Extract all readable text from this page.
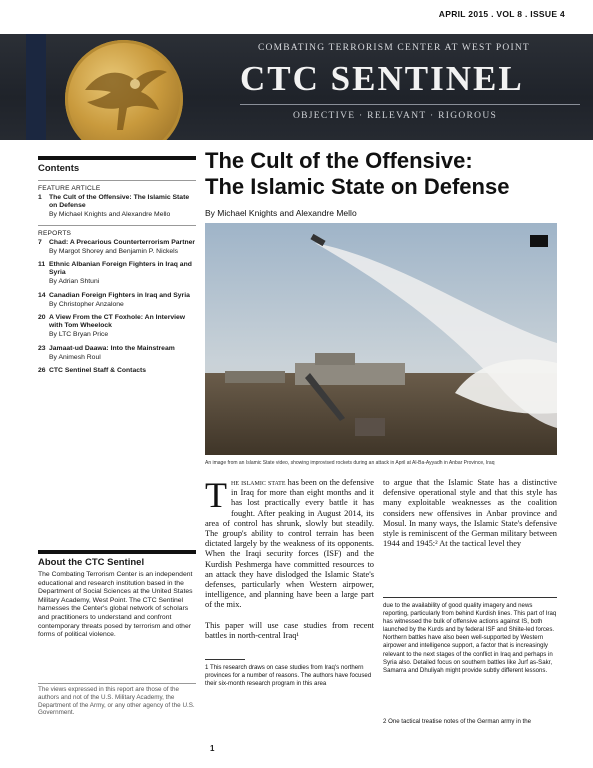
APRIL 2015 . VOL 8 . ISSUE 4
COMBATING TERRORISM CENTER AT WEST POINT
CTC SENTINEL
OBJECTIVE · RELEVANT · RIGOROUS
Contents
FEATURE ARTICLE
1	The Cult of the Offensive: The Islamic State on Defense
By Michael Knights and Alexandre Mello
REPORTS
7	Chad: A Precarious Counterterrorism Partner
By Margot Shorey and Benjamin P. Nickels
11 Ethnic Albanian Foreign Fighters in Iraq and Syria
By Adrian Shtuni
14 Canadian Foreign Fighters in Iraq and Syria
By Christopher Anzalone
20 A View From the CT Foxhole: An Interview with Tom Wheelock
By LTC Bryan Price
23 Jamaat-ud Daawa: Into the Mainstream
By Animesh Roul
26 CTC Sentinel Staff & Contacts
About the CTC Sentinel

The Combating Terrorism Center is an independent educational and research institution based in the Department of Social Sciences at the United States Military Academy, West Point. The CTC Sentinel harnesses the Center's global network of scholars and practitioners to understand and confront contemporary threats posed by terrorism and other forms of political violence.

The views expressed in this report are those of the authors and not of the U.S. Military Academy, the Department of the Army, or any other agency of the U.S. Government.
The Cult of the Offensive:
The Islamic State on Defense
By Michael Knights and Alexandre Mello
An image from an Islamic State video, showing improvised rockets during an attack in April at Al-Ba-Ayyadh in Anbar Province, Iraq
The islamic state has been on the defensive in Iraq for more than eight months and it has lost practically every battle it has fought. After peaking in August 2014, its area of control has shrunk, slowly but steadily. The group's ability to control terrain has been dictated largely by the weakness of its opponents. When the Iraqi security forces (ISF) and the Kurdish Peshmerga have committed resources to an attack they have dislodged the Islamic State's defenses, particularly when Western airpower, intelligence, and planning have been a large part of the mix.
This paper will use case studies from recent battles in north-central Iraq¹
to argue that the Islamic State has a distinctive defensive operational style and that this style has many exploitable weaknesses as the coalition considers new offensives in Anbar province and Mosul. In many ways, the Islamic State's defensive style is reminiscent of the German military between 1944 and 1945:² At the tactical level they
1 This research draws on case studies from Iraq's northern provinces for a number of reasons. The authors have focused their six-month research program in this area
due to the availability of good quality imagery and news reporting, particularly from behind Kurdish lines. This part of Iraq has witnessed the bulk of offensive actions against IS, both launched by the Kurds and by federal ISF and Shiite-led forces. Northern battles have also been well-supported by Western airpower and intelligence support, a factor that is increasingly relevant to the next stages of the conflict in Iraq and perhaps in Syria also. Detailed focus on southern battles like Jurf as-Sakr, Samarra and Dhuliyah might provide subtly different lessons.
2 One tactical treatise notes of the German army in the
1
